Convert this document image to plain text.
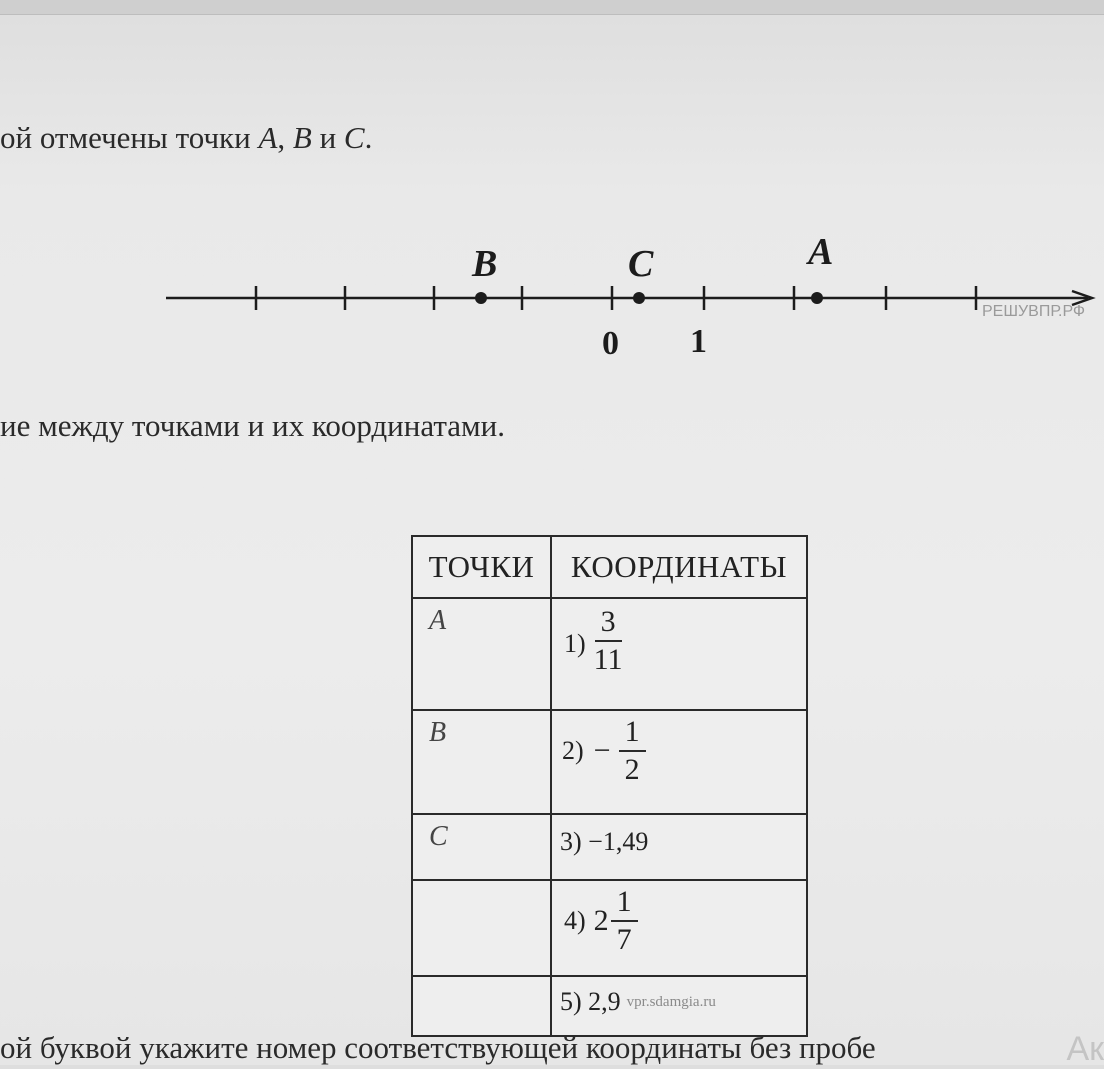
ой отмечены точки A, B и C.
B	C	A
0 1
РЕШУВПР.РФ
ие между точками и их координатами.
ТОЧКИ	КООРДИНАТЫ
A	$1) \frac{3}{11}$

B	$2) - \frac{1}{2}$

C	3) −1,49

	4) $2 \frac{1}{7}$

	5) 2,9 vpr.sdamgia.ru
ой буквой укажите номер соответствующей координаты без пробе	Ак
